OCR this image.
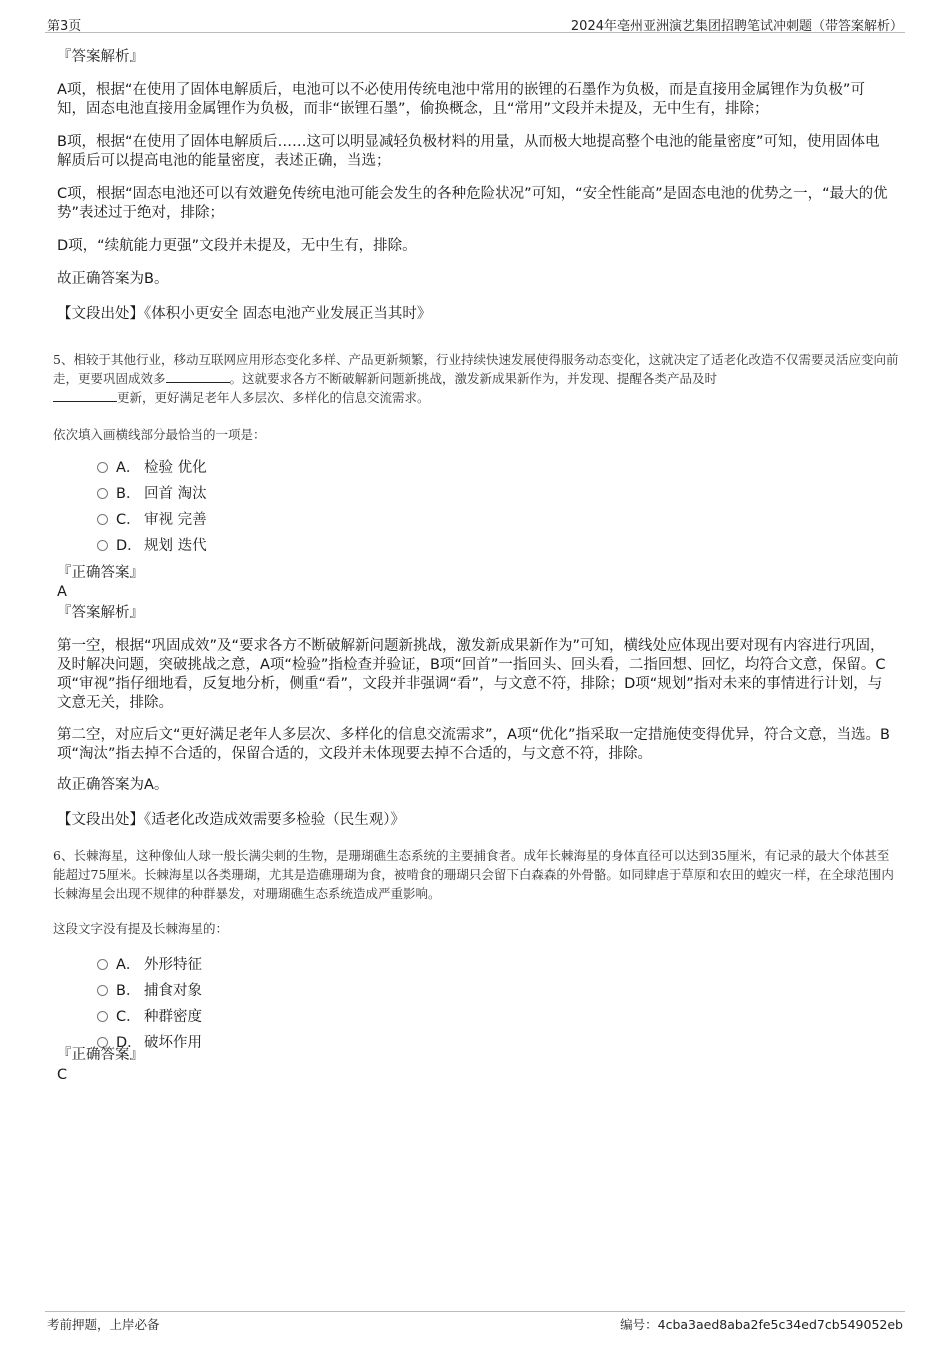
第3页	2024年亳州亚洲演艺集团招聘笔试冲刺题（带答案解析）
『答案解析』
A项，根据“在使用了固体电解质后，电池可以不必使用传统电池中常用的嵌锂的石墨作为负极，而是直接用金属锂作为负极”可知，固态电池直接用金属锂作为负极，而非“嵌锂石墨”，偷换概念，且“常用”文段并未提及，无中生有，排除；
B项，根据“在使用了固体电解质后……这可以明显减轻负极材料的用量，从而极大地提高整个电池的能量密度”可知，使用固体电解质后可以提高电池的能量密度，表述正确，当选；
C项，根据“固态电池还可以有效避免传统电池可能会发生的各种危险状况”可知，“安全性能高”是固态电池的优势之一，“最大的优势”表述过于绝对，排除；
D项，“续航能力更强”文段并未提及，无中生有，排除。
故正确答案为B。
【文段出处】《体积小更安全 固态电池产业发展正当其时》
5、相较于其他行业，移动互联网应用形态变化多样、产品更新频繁，行业持续快速发展使得服务动态变化，这就决定了适老化改造不仅需要灵活应变向前走，更要巩固成效多	。这就要求各方不断破解新问题新挑战，激发新成果新作为，并发现、提醒各类产品及时
更新，更好满足老年人多层次、多样化的信息交流需求。
依次填入画横线部分最恰当的一项是：
A． 检验 优化
B． 回首 淘汰
C． 审视 完善
D． 规划 迭代
『正确答案』
A
『答案解析』
第一空，根据“巩固成效”及“要求各方不断破解新问题新挑战，激发新成果新作为”可知，横线处应体现出要对现有内容进行巩固，及时解决问题，突破挑战之意，A项“检验”指检查并验证，B项“回首”一指回头、回头看，二指回想、回忆，均符合文意，保留。C项“审视”指仔细地看，反复地分析，侧重“看”，文段并非强调“看”，与文意不符，排除；D项“规划”指对未来的事情进行计划，与文意无关，排除。
第二空，对应后文“更好满足老年人多层次、多样化的信息交流需求”，A项“优化”指采取一定措施使变得优异，符合文意，当选。B项“淘汰”指去掉不合适的，保留合适的，文段并未体现要去掉不合适的，与文意不符，排除。
故正确答案为A。
【文段出处】《适老化改造成效需要多检验（民生观）》
6、长棘海星，这种像仙人球一般长满尖刺的生物，是珊瑚礁生态系统的主要捕食者。成年长棘海星的身体直径可以达到35厘米，有记录的最大个体甚至能超过75厘米。长棘海星以各类珊瑚，尤其是造礁珊瑚为食，被啃食的珊瑚只会留下白森森的外骨骼。如同肆虐于草原和农田的蝗灾一样，在全球范围内长棘海星会出现不规律的种群暴发，对珊瑚礁生态系统造成严重影响。
这段文字没有提及长棘海星的：
A． 外形特征
B． 捕食对象
C． 种群密度
D． 破坏作用
『正确答案』
C
考前押题，上岸必备	编号：4cba3aed8aba2fe5c34ed7cb549052eb
